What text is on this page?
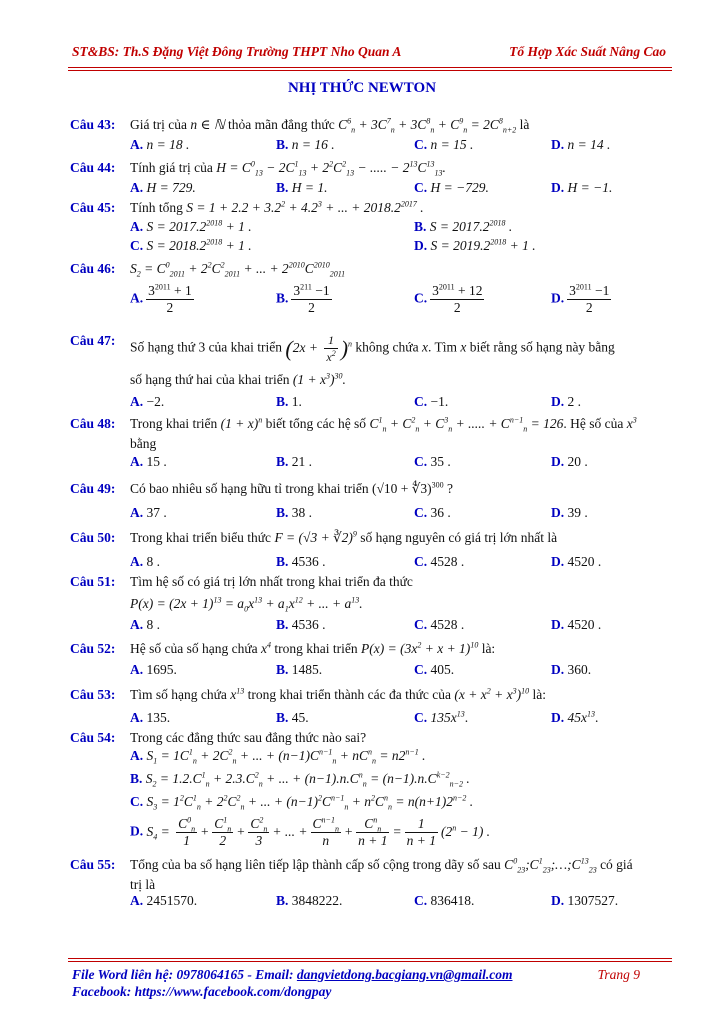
ST&BS: Th.S Đặng Việt Đông Trường THPT Nho Quan A	Tổ Hợp Xác Suất Nâng Cao
NHỊ THỨC NEWTON
Câu 43: Giá trị của n ∈ ℕ thỏa mãn đẳng thức $C^6_n + 3C^7_n + 3C^8_n + C^9_n = 2C^8_{n+2}$ là
A. n = 18 .	B. n = 16 .	C. n = 15 .	D. n = 14 .
Câu 44: Tính giá trị của $H = C^0_{13} - 2C^1_{13} + 2^2C^2_{13}$ − ..... − $2^{13}C^{13}_{13}$.
A. H = 729.	B. H = 1.	C. H = −729.	D. H = −1.
Câu 45: Tính tổng $S = 1 + 2.2 + 3.2^2 + 4.2^3$ + ... + $2018.2^{2017}$ .
A. $S = 2017.2^{2018} + 1$ .	B. $S = 2017.2^{2018}$ .
C. $S = 2018.2^{2018} + 1$ .	D. $S = 2019.2^{2018} + 1$ .
Câu 46: $S_2 = C^0_{2011} + 2^2C^2_{2011}$ + ... + $2^{2010}C^{2010}_{2011}$
A. $\frac{3^{2011} + 1}{2}$	B. $\frac{3^{211} -1}{2}$	C. $\frac{3^{2011} + 12}{2}$	D. $\frac{3^{2011} -1}{2}$
Câu 47: Số hạng thứ 3 của khai triển $(2x + \frac{1}{x^2} )^n$ không chứa x. Tìm x biết rằng số hạng này bằng
số hạng thứ hai của khai triển $(1 + x^3)^{30}$.
A. −2.	B. 1.	C. −1.	D. 2 .
Câu 48: Trong khai triển $(1 + x)^n$ biết tổng các hệ số $C^1_n + C^2_n + C^3_n$ + ..... + $C^{n-1}_n = 126$. Hệ số của $x^3$
bằng
A. 15 .	B. 21 .	C. 35 .	D. 20 .
Câu 49: Có bao nhiêu số hạng hữu tỉ trong khai triển (√10 + ∜3)$^{300}$ ?
A. 37 .	B. 38 .	C. 36 .	D. 39 .
Câu 50: Trong khai triển biểu thức F = (√3 + ∛2)$^9$ số hạng nguyên có giá trị lớn nhất là
A. 8 .	B. 4536 .	C. 4528 .	D. 4520 .
Câu 51: Tìm hệ số có giá trị lớn nhất trong khai triển đa thức
$P(x) = (2x + 1)^{13} = a_0x^{13} + a_1x^{12}$ + ... + $a^{13}$.
A. 8 .	B. 4536 .	C. 4528 .	D. 4520 .
Câu 52: Hệ số của số hạng chứa $x^4$ trong khai triển $P(x) = (3x^2 + x + 1)^{10}$ là:
A. 1695.	B. 1485.	C. 405.	D. 360.
Câu 53: Tìm số hạng chứa $x^{13}$ trong khai triển thành các đa thức của $(x + x^2 + x^3)^{10}$ là:
A. 135.	B. 45.	C. $135x^{13}$.	D. $45x^{13}$.
Câu 54: Trong các đẳng thức sau đẳng thức nào sai?
A. $S_1 = 1C^1_n + 2C^2_n$ + ... + $(n-1)C^{n-1}_n + nC^n_n = n2^{n-1}$ .
B. $S_2 = 1.2.C^1_n + 2.3.C^2_n$ + ... + $(n-1).n.C^n_n = (n-1).n.C^{k-2}_{n-2}$ .
C. $S_3 = 1^2C^1_n + 2^2C^2_n$ + ... + $(n-1)^2C^{n-1}_n + n^2C^n_n = n(n+1)2^{n-2}$ .
D. $S_4 = \frac{C^0_n}{1} + \frac{C^1_n}{2} + \frac{C^2_n}{3}$ + ... + $\frac{C^{n-1}_n}{n} + \frac{C^n_n}{n + 1} = \frac{1}{n + 1} (2^n - 1)$ .
Câu 55: Tổng của ba số hạng liên tiếp lập thành cấp số cộng trong dãy số sau $C^0_{23};C^1_{23};\dots;C^{13}_{23}$ có giá
trị là
A. 2451570.	B. 3848222.	C. 836418.	D. 1307527.
File Word liên hệ: 0978064165 - Email: dangvietdong.bacgiang.vn@gmail.com	Trang 9
Facebook: https://www.facebook.com/dongpay
